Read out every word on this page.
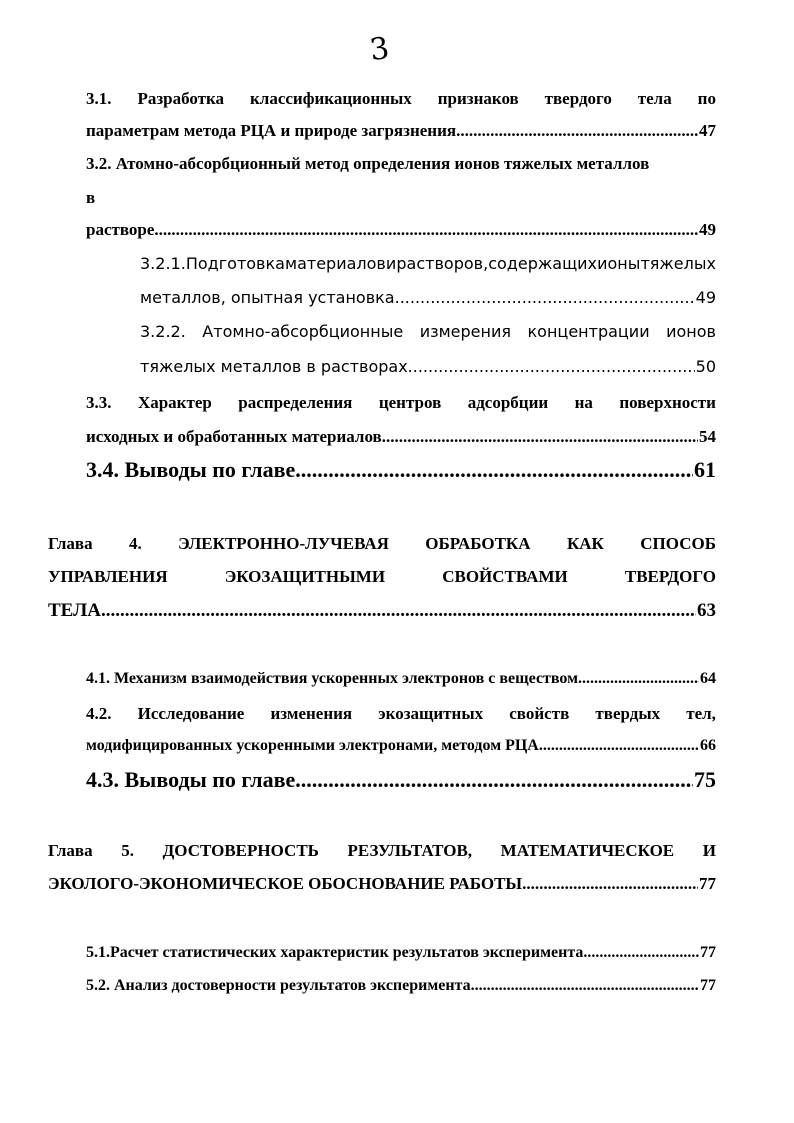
3
3.1. Разработка классификационных признаков твердого тела по
параметрам метода РЦА и природе загрязнения .....	47
3.2. Атомно-абсорбционный метод определения ионов тяжелых металлов
в
растворе .....	49
3.2.1. Подготовка материалов и растворов, содержащих ионы тяжелых
металлов, опытная установка .....	49
3.2.2. Атомно-абсорбционные измерения концентрации ионов
тяжелых металлов в растворах .....	50
3.3. Характер распределения центров адсорбции на поверхности
исходных и обработанных материалов .....	54
3.4. Выводы по главе .....	61
Глава 4. ЭЛЕКТРОННО-ЛУЧЕВАЯ ОБРАБОТКА КАК СПОСОБ
УПРАВЛЕНИЯ	ЭКОЗАЩИТНЫМИ	СВОЙСТВАМИ	ТВЕРДОГО
ТЕЛА .....	63
4.1. Механизм взаимодействия ускоренных электронов с веществом .....	64
4.2. Исследование изменения экозащитных свойств твердых тел,
модифицированных ускоренными электронами, методом РЦА .....	66
4.3. Выводы по главе .....	75
Глава 5. ДОСТОВЕРНОСТЬ РЕЗУЛЬТАТОВ, МАТЕМАТИЧЕСКОЕ И
ЭКОЛОГО-ЭКОНОМИЧЕСКОЕ ОБОСНОВАНИЕ РАБОТЫ .....	77
5.1.Расчет статистических характеристик результатов эксперимента .....	77
5.2. Анализ достоверности результатов эксперимента .....	77
